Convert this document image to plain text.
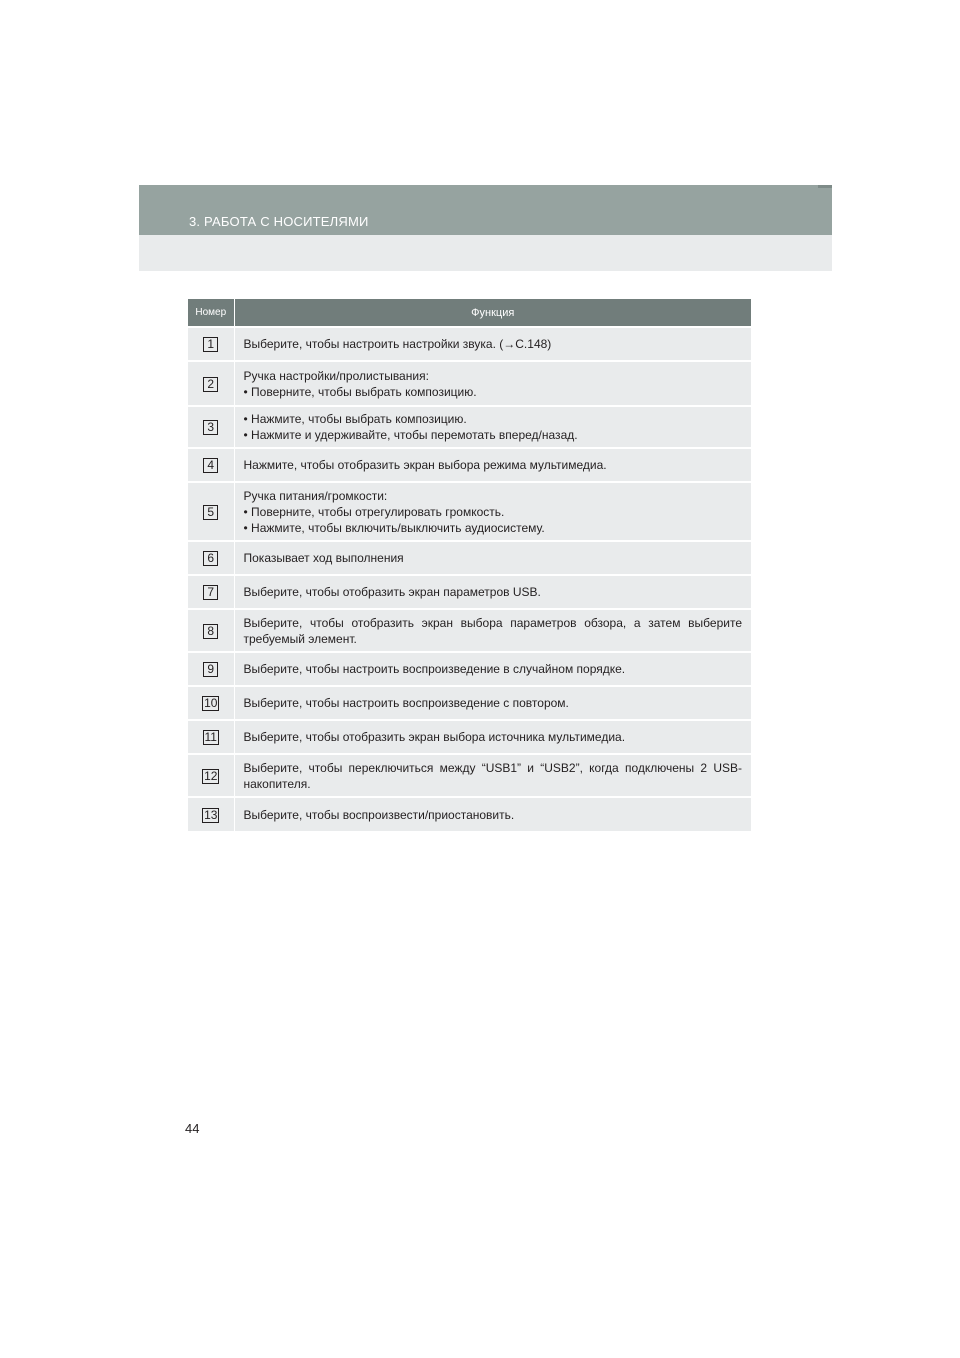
3. РАБОТА С НОСИТЕЛЯМИ
Номер	Функция
1	Выберите, чтобы настроить настройки звука. (→С.148)

2	Ручка настройки/пролистывания:
• Поверните, чтобы выбрать композицию.

3	• Нажмите, чтобы выбрать композицию.
• Нажмите и удерживайте, чтобы перемотать вперед/назад.

4	Нажмите, чтобы отобразить экран выбора режима мультимедиа.

5	Ручка питания/громкости:
• Поверните, чтобы отрегулировать громкость.
• Нажмите, чтобы включить/выключить аудиосистему.

6	Показывает ход выполнения

7	Выберите, чтобы отобразить экран параметров USB.

8	Выберите, чтобы отобразить экран выбора параметров обзора, а затем выберите требуемый элемент.

9	Выберите, чтобы настроить воспроизведение в случайном порядке.

10	Выберите, чтобы настроить воспроизведение с повтором.

11	Выберите, чтобы отобразить экран выбора источника мультимедиа.

12	Выберите, чтобы переключиться между “USB1” и “USB2”, когда подключены 2 USB-накопителя.

13	Выберите, чтобы воспроизвести/приостановить.
44
